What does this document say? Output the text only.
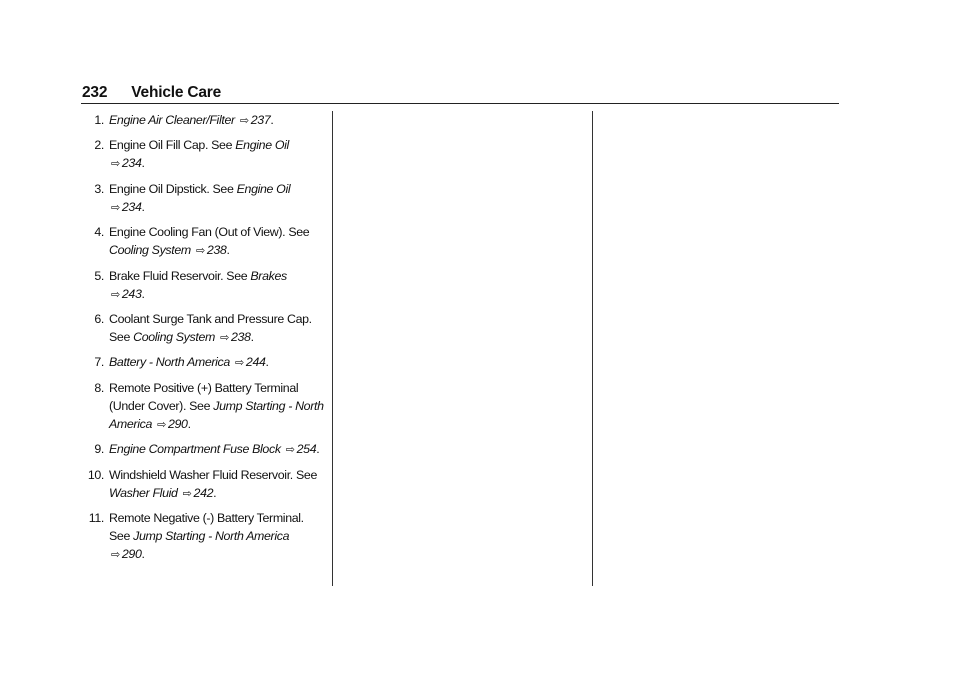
232 Vehicle Care
1. Engine Air Cleaner/Filter ⇨ 237.
2. Engine Oil Fill Cap. See Engine Oil ⇨ 234.
3. Engine Oil Dipstick. See Engine Oil ⇨ 234.
4. Engine Cooling Fan (Out of View). See Cooling System ⇨ 238.
5. Brake Fluid Reservoir. See Brakes ⇨ 243.
6. Coolant Surge Tank and Pressure Cap. See Cooling System ⇨ 238.
7. Battery - North America ⇨ 244.
8. Remote Positive (+) Battery Terminal (Under Cover). See Jump Starting - North America ⇨ 290.
9. Engine Compartment Fuse Block ⇨ 254.
10. Windshield Washer Fluid Reservoir. See Washer Fluid ⇨ 242.
11. Remote Negative (-) Battery Terminal. See Jump Starting - North America ⇨ 290.
